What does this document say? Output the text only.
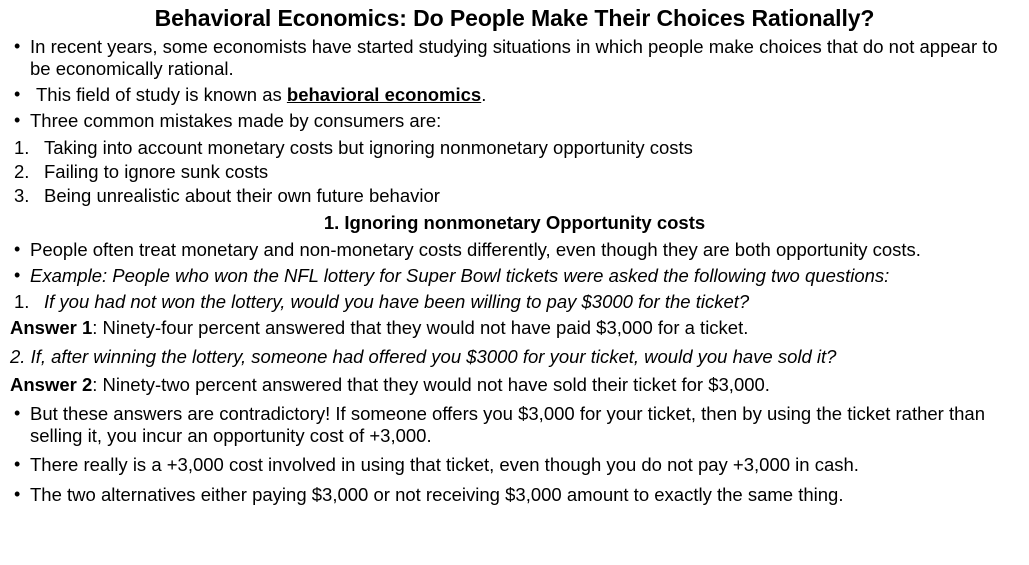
Behavioral Economics: Do People Make Their Choices Rationally?
• In recent years, some economists have started studying situations in which people make choices that do not appear to be economically rational.
• This field of study is known as behavioral economics.
• Three common mistakes made by consumers are:
1. Taking into account monetary costs but ignoring nonmonetary opportunity costs
2. Failing to ignore sunk costs
3. Being unrealistic about their own future behavior
1. Ignoring nonmonetary Opportunity costs
• People often treat monetary and non-monetary costs differently, even though they are both opportunity costs.
• Example: People who won the NFL lottery for Super Bowl tickets were asked the following two questions:
1. If you had not won the lottery, would you have been willing to pay $3000 for the ticket?
Answer 1: Ninety-four percent answered that they would not have paid $3,000 for a ticket.
2. If, after winning the lottery, someone had offered you $3000 for your ticket, would you have sold it?
Answer 2: Ninety-two percent answered that they would not have sold their ticket for $3,000.
• But these answers are contradictory! If someone offers you $3,000 for your ticket, then by using the ticket rather than selling it, you incur an opportunity cost of +3,000.
• There really is a +3,000 cost involved in using that ticket, even though you do not pay +3,000 in cash.
• The two alternatives either paying $3,000 or not receiving $3,000 amount to exactly the same thing.
